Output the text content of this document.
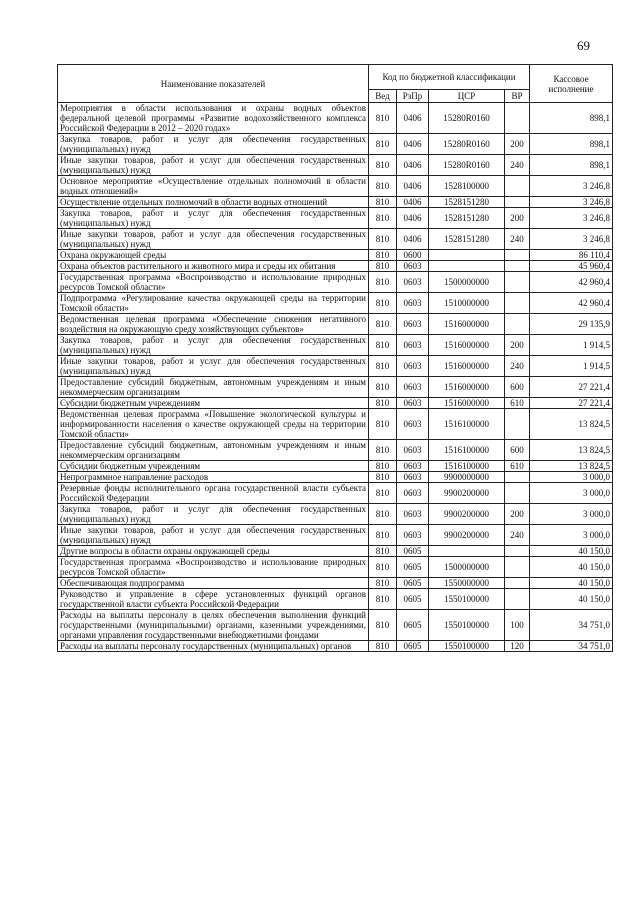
69
Наименование показателей	Код по бюджетной классификации				Кассовое исполнение
	Вед	РзПр	ЦСР	ВР	
Мероприятия в области использования и охраны водных объектов федеральной целевой программы «Развитие водохозяйственного комплекса Российской Федерации в 2012 – 2020 годах»	810	0406	15280R0160		898,1
Закупка товаров, работ и услуг для обеспечения государственных (муниципальных) нужд	810	0406	15280R0160	200	898,1
Иные закупки товаров, работ и услуг для обеспечения государственных (муниципальных) нужд	810	0406	15280R0160	240	898,1
Основное мероприятие «Осуществление отдельных полномочий в области водных отношений»	810	0406	1528100000		3 246,8
Осуществление отдельных полномочий в области водных отношений	810	0406	1528151280		3 246,8
Закупка товаров, работ и услуг для обеспечения государственных (муниципальных) нужд	810	0406	1528151280	200	3 246,8
Иные закупки товаров, работ и услуг для обеспечения государственных (муниципальных) нужд	810	0406	1528151280	240	3 246,8
Охрана окружающей среды	810	0600			86 110,4
Охрана объектов растительного и животного мира и среды их обитания	810	0603			45 960,4
Государственная программа «Воспроизводство и использование природных ресурсов Томской области»	810	0603	1500000000		42 960,4
Подпрограмма «Регулирование качества окружающей среды на территории Томской области»	810	0603	1510000000		42 960,4
Ведомственная целевая программа «Обеспечение снижения негативного воздействия на окружающую среду хозяйствующих субъектов»	810	0603	1516000000		29 135,9
Закупка товаров, работ и услуг для обеспечения государственных (муниципальных) нужд	810	0603	1516000000	200	1 914,5
Иные закупки товаров, работ и услуг для обеспечения государственных (муниципальных) нужд	810	0603	1516000000	240	1 914,5
Предоставление субсидий бюджетным, автономным учреждениям и иным некоммерческим организациям	810	0603	1516000000	600	27 221,4
Субсидии бюджетным учреждениям	810	0603	1516000000	610	27 221,4
Ведомственная целевая программа «Повышение экологической культуры и информированности населения о качестве окружающей среды на территории Томской области»	810	0603	1516100000		13 824,5
Предоставление субсидий бюджетным, автономным учреждениям и иным некоммерческим организациям	810	0603	1516100000	600	13 824,5
Субсидии бюджетным учреждениям	810	0603	1516100000	610	13 824,5
Непрограммное направление расходов	810	0603	9900000000		3 000,0
Резервные фонды исполнительного органа государственной власти субъекта Российской Федерации	810	0603	9900200000		3 000,0
Закупка товаров, работ и услуг для обеспечения государственных (муниципальных) нужд	810	0603	9900200000	200	3 000,0
Иные закупки товаров, работ и услуг для обеспечения государственных (муниципальных) нужд	810	0603	9900200000	240	3 000,0
Другие вопросы в области охраны окружающей среды	810	0605			40 150,0
Государственная программа «Воспроизводство и использование природных ресурсов Томской области»	810	0605	1500000000		40 150,0
Обеспечивающая подпрограмма	810	0605	1550000000		40 150,0
Руководство и управление в сфере установленных функций органов государственной власти субъекта Российской Федерации	810	0605	1550100000		40 150,0
Расходы на выплаты персоналу в целях обеспечения выполнения функций государственными (муниципальными) органами, казенными учреждениями, органами управления государственными внебюджетными фондами	810	0605	1550100000	100	34 751,0
Расходы на выплаты персоналу государственных (муниципальных) органов	810	0605	1550100000	120	34 751,0
